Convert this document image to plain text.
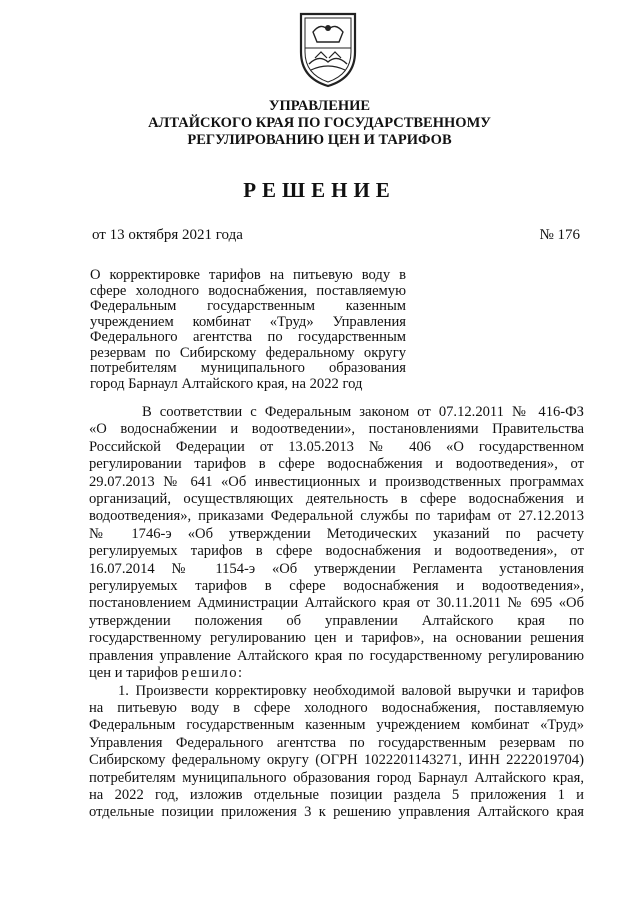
УПРАВЛЕНИЕ
АЛТАЙСКОГО КРАЯ ПО ГОСУДАРСТВЕННОМУ
РЕГУЛИРОВАНИЮ ЦЕН И ТАРИФОВ
РЕШЕНИЕ
от 13 октября 2021 года	№ 176

О корректировке тарифов на питьевую воду в

сфере холодного водоснабжения, поставляемую

Федеральным государственным казенным

учреждением комбинат «Труд» Управления

Федерального агентства по государственным

резервам по Сибирскому федеральному округу

потребителям муниципального образования

город Барнаул Алтайского края, на 2022 год

В соответствии с Федеральным законом от 07.12.2011 № 416-ФЗ

«О водоснабжении и водоотведении», постановлениями Правительства

Российской Федерации от 13.05.2013 № 406 «О государственном

регулировании тарифов в сфере водоснабжения и водоотведения», от

29.07.2013 № 641 «Об инвестиционных и производственных программах

организаций, осуществляющих деятельность в сфере водоснабжения и

водоотведения», приказами Федеральной службы по тарифам от 27.12.2013

№ 1746-э «Об утверждении Методических указаний по расчету

регулируемых тарифов в сфере водоснабжения и водоотведения», от

16.07.2014 № 1154-э «Об утверждении Регламента установления

регулируемых тарифов в сфере водоснабжения и водоотведения»,

постановлением Администрации Алтайского края от 30.11.2011 № 695 «Об

утверждении положения об управлении Алтайского края по

государственному регулированию цен и тарифов», на основании решения

правления управление Алтайского края по государственному регулированию

цен и тарифов решило:

1. Произвести корректировку необходимой валовой выручки и тарифов

на питьевую воду в сфере холодного водоснабжения, поставляемую

Федеральным государственным казенным учреждением комбинат «Труд»

Управления Федерального агентства по государственным резервам по

Сибирскому федеральному округу (ОГРН 1022201143271, ИНН 2222019704)

потребителям муниципального образования город Барнаул Алтайского края,

на 2022 год, изложив отдельные позиции раздела 5 приложения 1 и

отдельные позиции приложения 3 к решению управления Алтайского края
